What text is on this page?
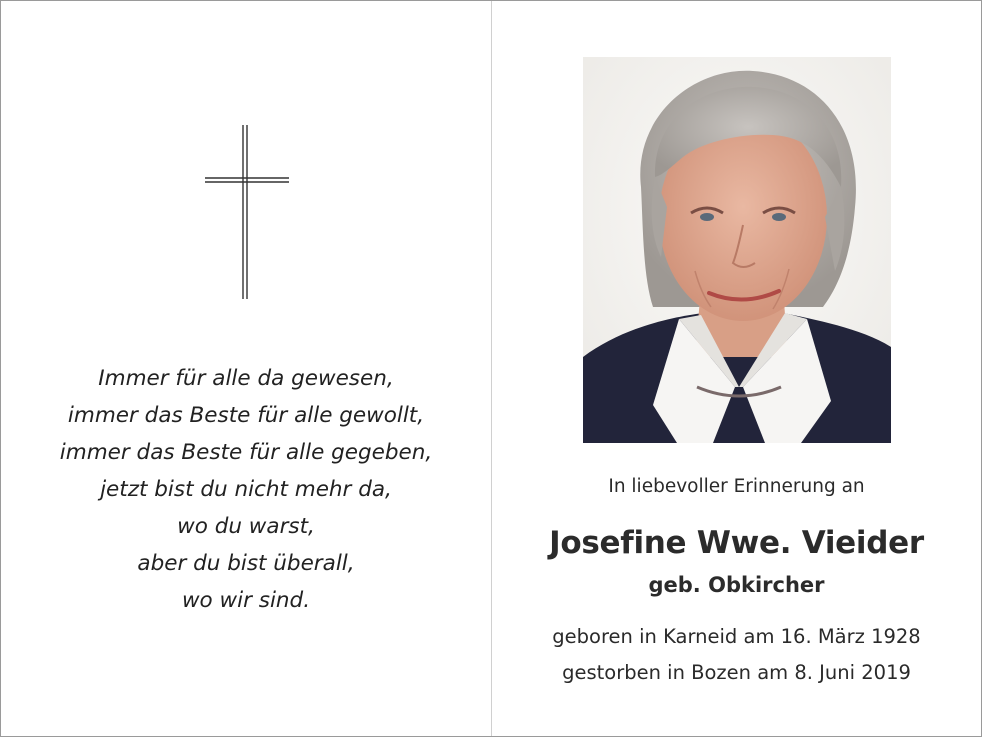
Immer für alle da gewesen,
immer das Beste für alle gewollt,
immer das Beste für alle gegeben,
jetzt bist du nicht mehr da,
wo du warst,
aber du bist überall,
wo wir sind.
In liebevoller Erinnerung an
Josefine Wwe. Vieider
geb. Obkircher
geboren in Karneid am 16. März 1928
gestorben in Bozen am 8. Juni 2019
